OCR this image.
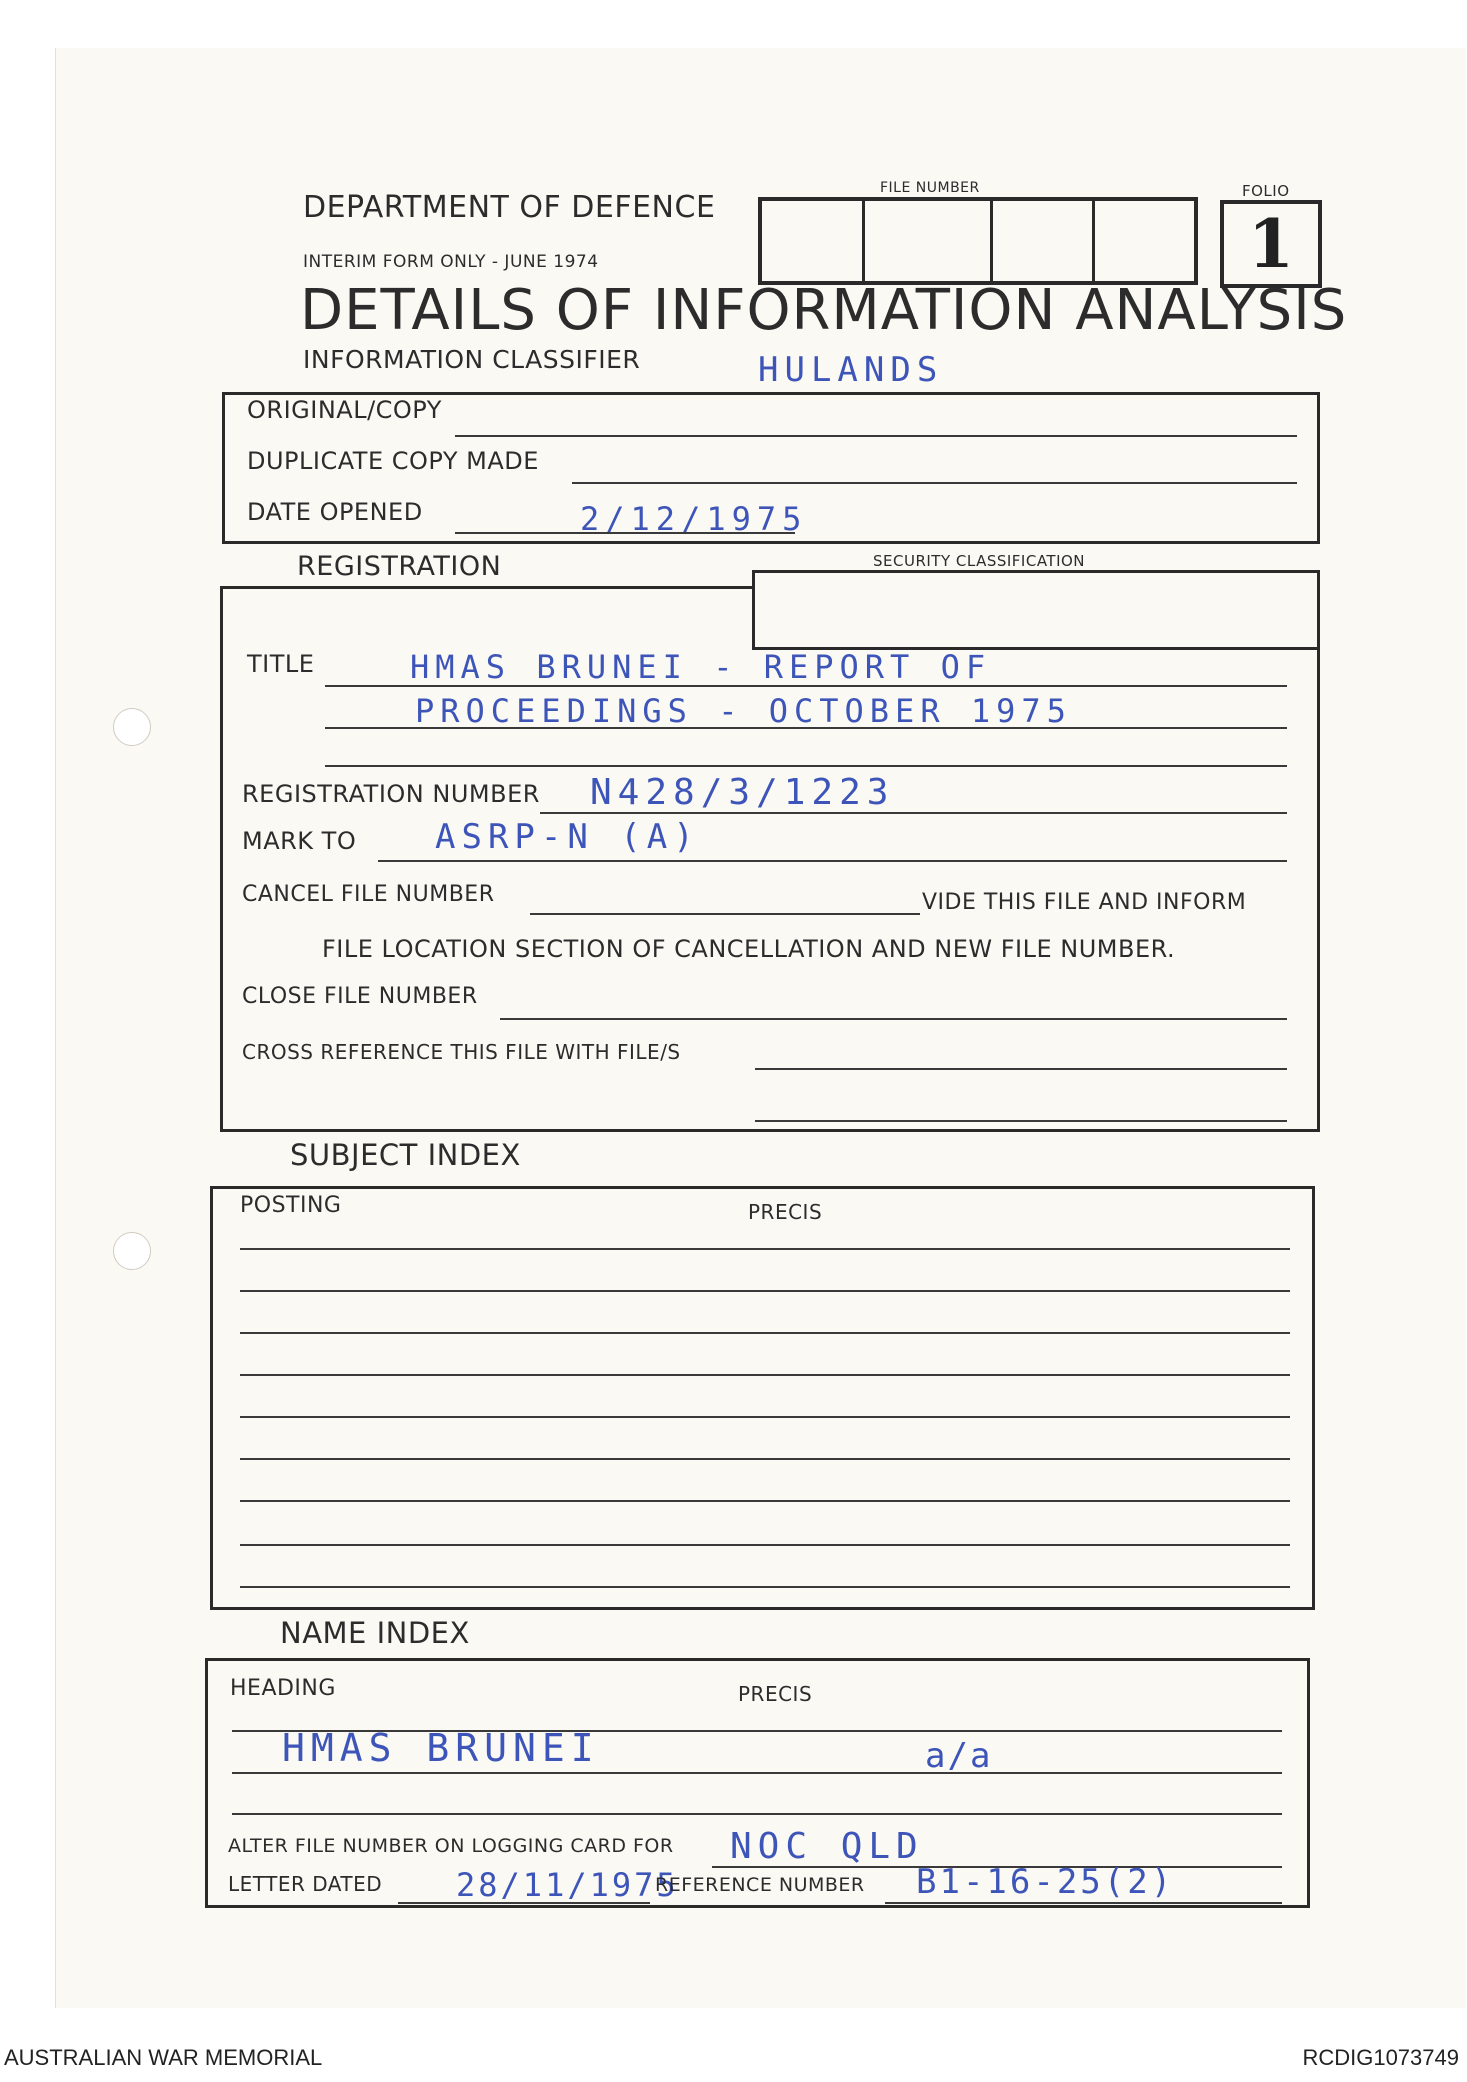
DEPARTMENT OF DEFENCE
INTERIM FORM ONLY - JUNE 1974
DETAILS OF INFORMATION ANALYSIS
FILE NUMBER	FOLIO
1
INFORMATION CLASSIFIER	HULANDS
ORIGINAL/COPY
DUPLICATE COPY MADE
DATE OPENED	2/12/1975
REGISTRATION	SECURITY CLASSIFICATION
TITLE	HMAS BRUNEI - REPORT OF
PROCEEDINGS - OCTOBER 1975
REGISTRATION NUMBER N428/3/1223
MARK TO ASRP-N (A)
CANCEL FILE NUMBER	VIDE THIS FILE AND INFORM
FILE LOCATION SECTION OF CANCELLATION AND NEW FILE NUMBER.
CLOSE FILE NUMBER
CROSS REFERENCE THIS FILE WITH FILE/S
SUBJECT INDEX
POSTING	PRECIS
NAME INDEX
HEADING	PRECIS
HMAS BRUNEI	a/a
ALTER FILE NUMBER ON LOGGING CARD FOR NOC QLD
LETTER DATED 28/11/1975
REFERENCE NUMBER B1-16-25(2)
AUSTRALIAN WAR MEMORIAL	RCDIG1073749
